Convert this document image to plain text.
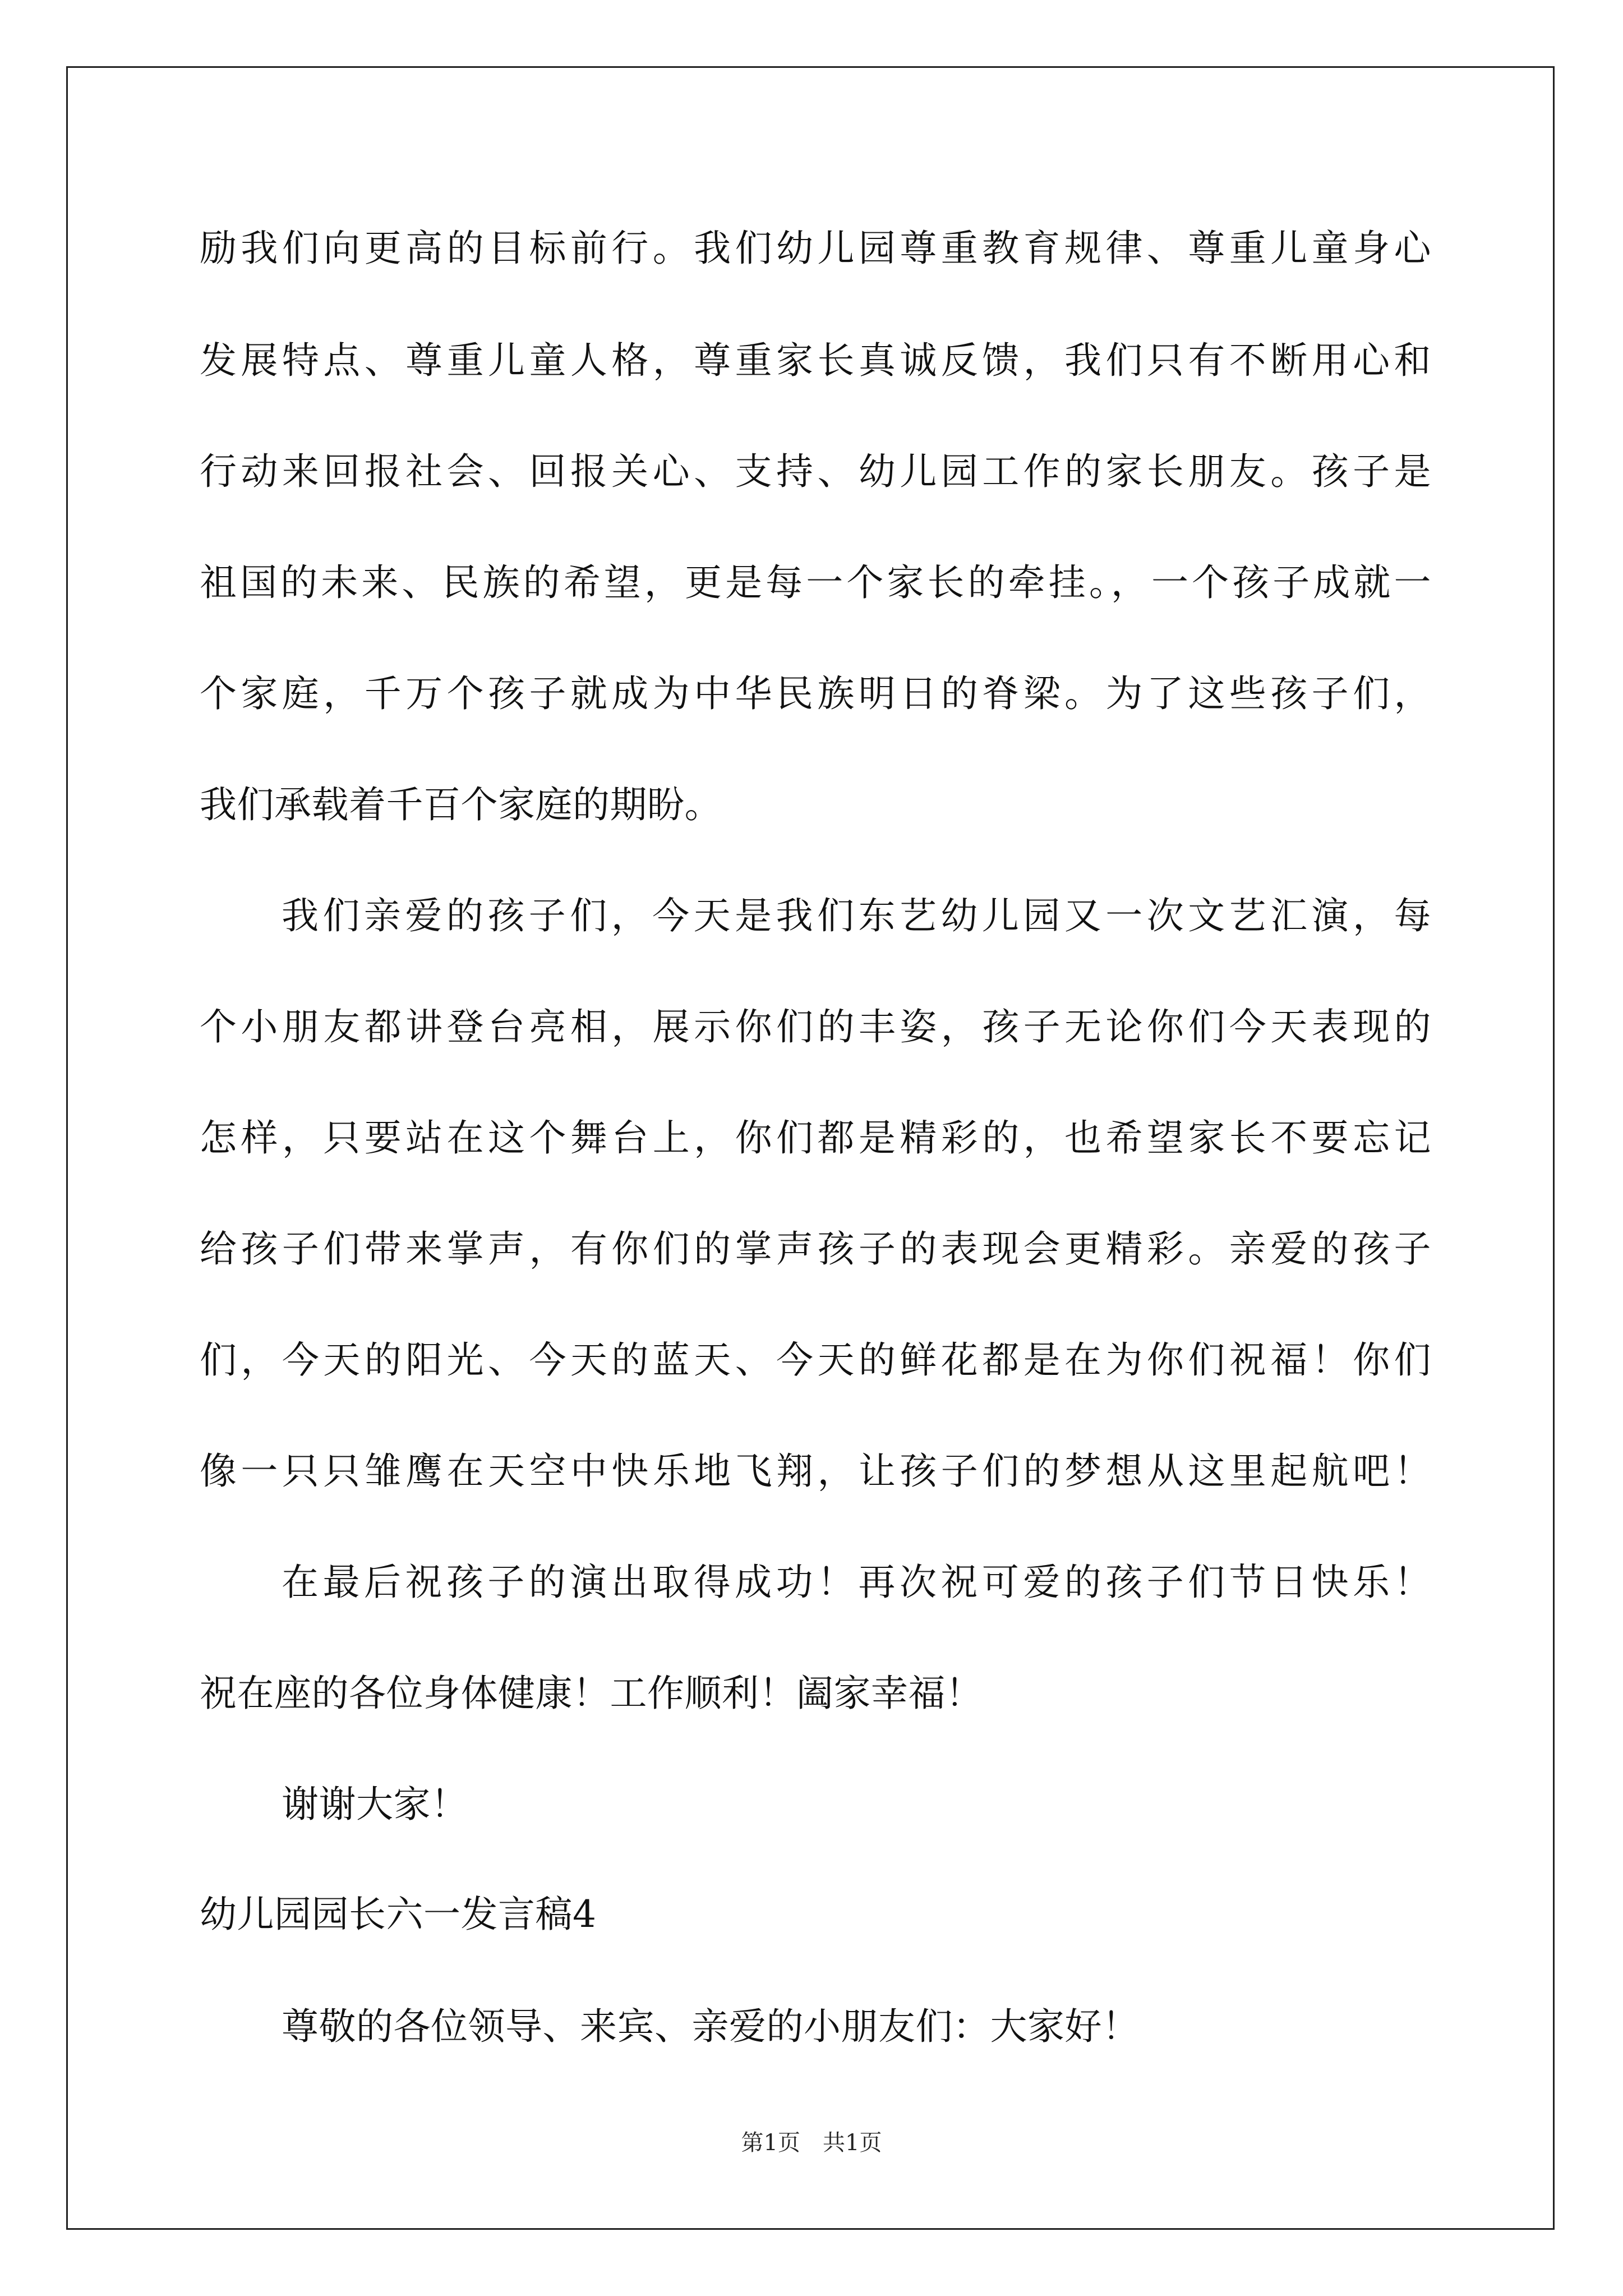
励我们向更高的目标前行。我们幼儿园尊重教育规律、尊重儿童身心
发展特点、尊重儿童人格，尊重家长真诚反馈，我们只有不断用心和
行动来回报社会、回报关心、支持、幼儿园工作的家长朋友。孩子是
祖国的未来、民族的希望，更是每一个家长的牵挂。，一个孩子成就一
个家庭，千万个孩子就成为中华民族明日的脊梁。为了这些孩子们，
我们承载着千百个家庭的期盼。
我们亲爱的孩子们，今天是我们东艺幼儿园又一次文艺汇演，每
个小朋友都讲登台亮相，展示你们的丰姿，孩子无论你们今天表现的
怎样，只要站在这个舞台上，你们都是精彩的，也希望家长不要忘记
给孩子们带来掌声，有你们的掌声孩子的表现会更精彩。亲爱的孩子
们，今天的阳光、今天的蓝天、今天的鲜花都是在为你们祝福！你们
像一只只雏鹰在天空中快乐地飞翔，让孩子们的梦想从这里起航吧！
在最后祝孩子的演出取得成功！再次祝可爱的孩子们节日快乐！
祝在座的各位身体健康！工作顺利！阖家幸福！
谢谢大家！
幼儿园园长六一发言稿4
尊敬的各位领导、来宾、亲爱的小朋友们：大家好！
第1页　共1页
